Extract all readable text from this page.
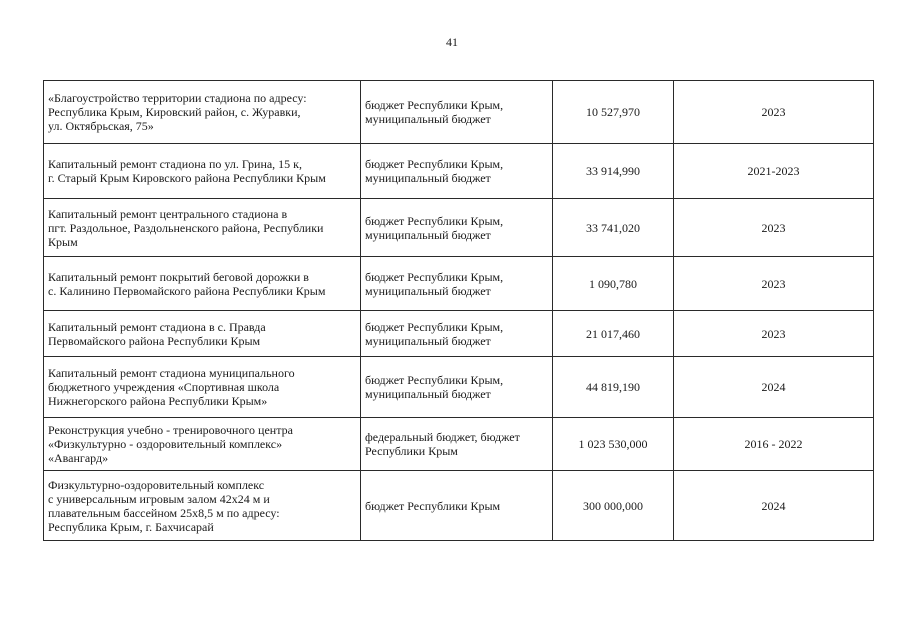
41
«Благоустройство территории стадиона по адресу:
Республика Крым, Кировский район, с. Журавки,
ул. Октябрьская, 75»	бюджет Республики Крым,
муниципальный бюджет	10 527,970	2023
Капитальный ремонт стадиона по ул. Грина, 15 к,
г. Старый Крым Кировского района Республики Крым	бюджет Республики Крым,
муниципальный бюджет	33 914,990	2021-2023
Капитальный ремонт центрального стадиона в
пгт. Раздольное, Раздольненского района, Республики
Крым	бюджет Республики Крым,
муниципальный бюджет	33 741,020	2023
Капитальный ремонт покрытий беговой дорожки в
с. Калинино Первомайского района Республики Крым	бюджет Республики Крым,
муниципальный бюджет	1 090,780	2023
Капитальный ремонт стадиона в с. Правда
Первомайского района Республики Крым	бюджет Республики Крым,
муниципальный бюджет	21 017,460	2023
Капитальный ремонт стадиона муниципального
бюджетного учреждения «Спортивная школа
Нижнегорского района Республики Крым»	бюджет Республики Крым,
муниципальный бюджет	44 819,190	2024
Реконструкция учебно - тренировочного центра
«Физкультурно - оздоровительный комплекс»
«Авангард»	федеральный бюджет, бюджет
Республики Крым	1 023 530,000	2016 - 2022
Физкультурно-оздоровительный комплекс
с универсальным игровым залом 42х24 м и
плавательным бассейном 25х8,5 м по адресу:
Республика Крым, г. Бахчисарай	бюджет Республики Крым	300 000,000	2024
